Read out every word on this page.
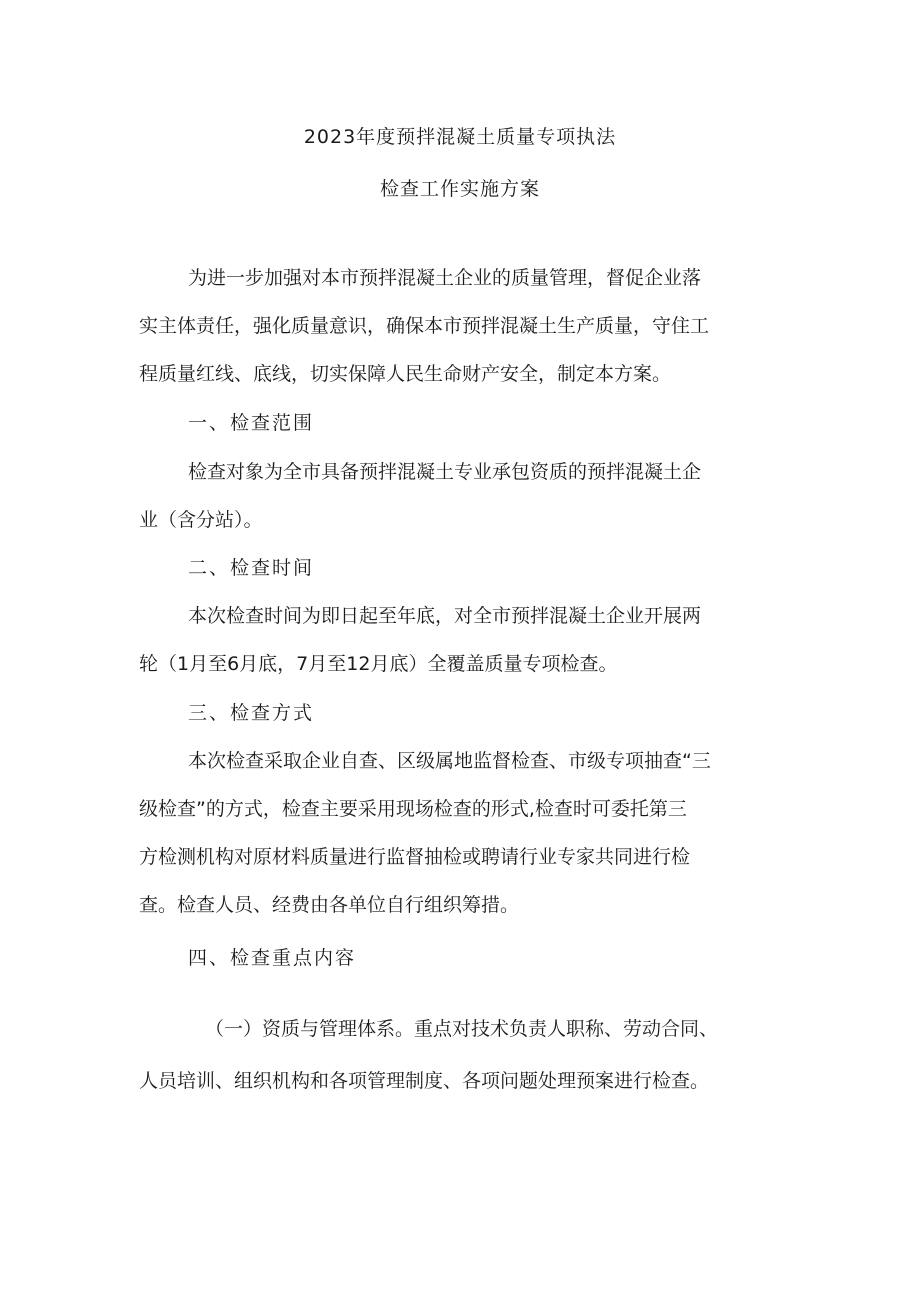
2023年度预拌混凝土质量专项执法
检查工作实施方案
为进一步加强对本市预拌混凝土企业的质量管理，督促企业落
实主体责任，强化质量意识，确保本市预拌混凝土生产质量，守住工
程质量红线、底线，切实保障人民生命财产安全，制定本方案。
一、检查范围
检查对象为全市具备预拌混凝土专业承包资质的预拌混凝土企
业（含分站）。
二、检查时间
本次检查时间为即日起至年底，对全市预拌混凝土企业开展两
轮（1月至6月底，7月至12月底）全覆盖质量专项检查。
三、检查方式
本次检查采取企业自查、区级属地监督检查、市级专项抽查“三
级检查”的方式，检查主要采用现场检查的形式,检查时可委托第三
方检测机构对原材料质量进行监督抽检或聘请行业专家共同进行检
查。检查人员、经费由各单位自行组织筹措。
四、检查重点内容
（一）资质与管理体系。重点对技术负责人职称、劳动合同、
人员培训、组织机构和各项管理制度、各项问题处理预案进行检查。
